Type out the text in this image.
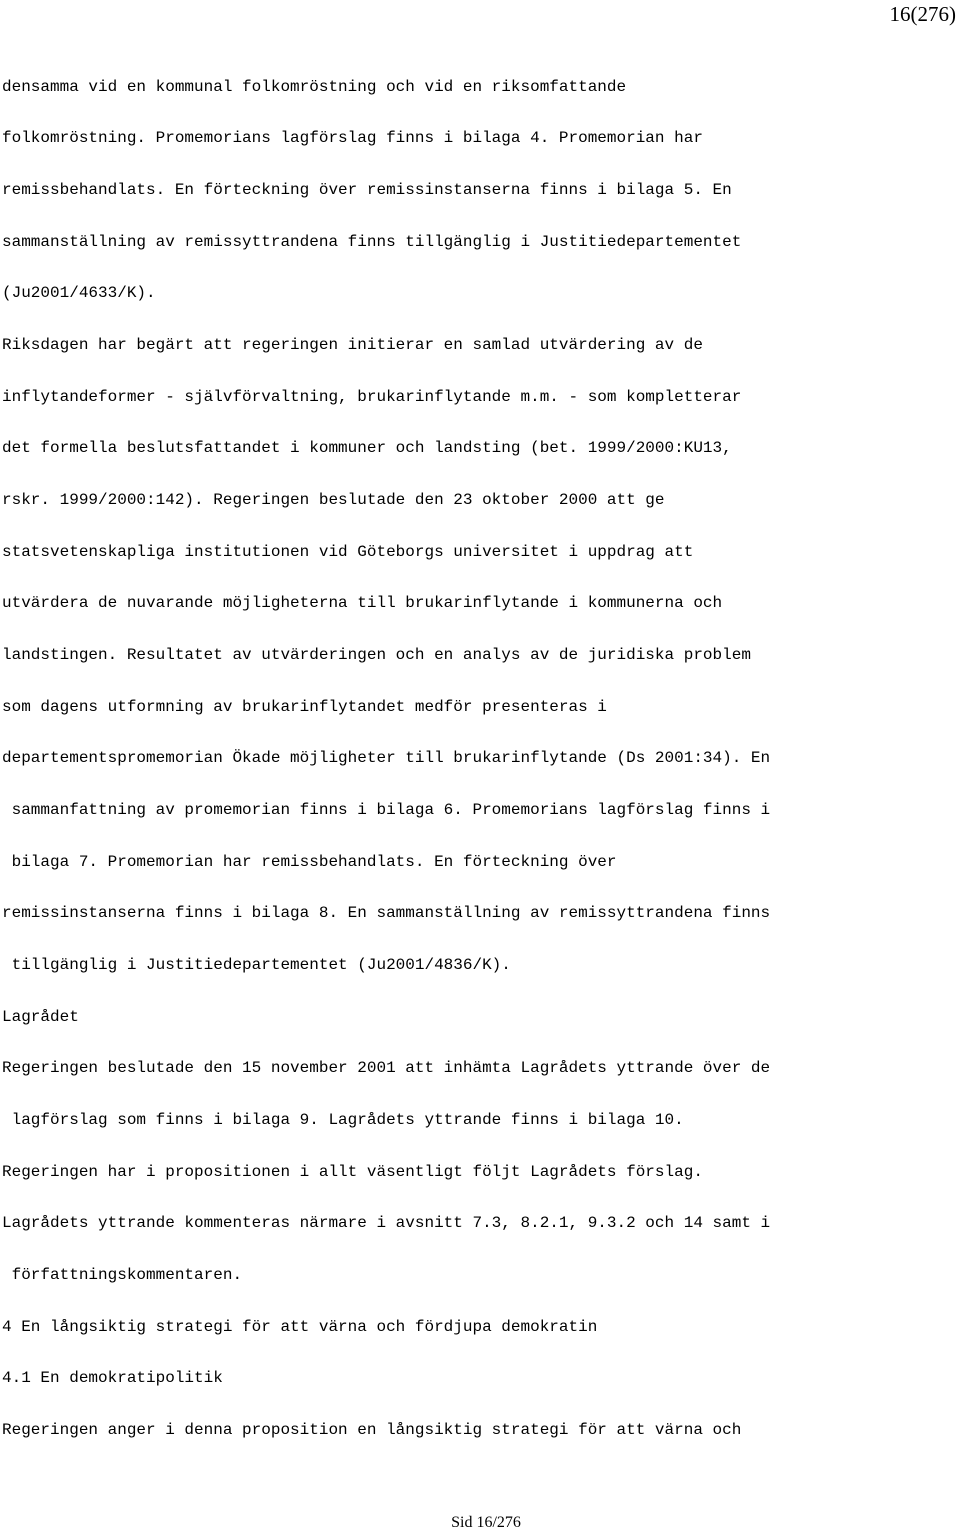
16(276)
densamma vid en kommunal folkomröstning och vid en riksomfattande
folkomröstning. Promemorians lagförslag finns i bilaga 4. Promemorian har
remissbehandlats. En förteckning över remissinstanserna finns i bilaga 5. En
sammanställning av remissyttrandena finns tillgänglig i Justitiedepartementet
(Ju2001/4633/K).
Riksdagen har begärt att regeringen initierar en samlad utvärdering av de
inflytandeformer - självförvaltning, brukarinflytande m.m. - som kompletterar
det formella beslutsfattandet i kommuner och landsting (bet. 1999/2000:KU13,
rskr. 1999/2000:142). Regeringen beslutade den 23 oktober 2000 att ge
statsvetenskapliga institutionen vid Göteborgs universitet i uppdrag att
utvärdera de nuvarande möjligheterna till brukarinflytande i kommunerna och
landstingen. Resultatet av utvärderingen och en analys av de juridiska problem
som dagens utformning av brukarinflytandet medför presenteras i
departementspromemorian Ökade möjligheter till brukarinflytande (Ds 2001:34). En
sammanfattning av promemorian finns i bilaga 6. Promemorians lagförslag finns i
bilaga 7. Promemorian har remissbehandlats. En förteckning över
remissinstanserna finns i bilaga 8. En sammanställning av remissyttrandena finns
tillgänglig i Justitiedepartementet (Ju2001/4836/K).
Lagrådet
Regeringen beslutade den 15 november 2001 att inhämta Lagrådets yttrande över de
lagförslag som finns i bilaga 9. Lagrådets yttrande finns i bilaga 10.
Regeringen har i propositionen i allt väsentligt följt Lagrådets förslag.
Lagrådets yttrande kommenteras närmare i avsnitt 7.3, 8.2.1, 9.3.2 och 14 samt i
författningskommentaren.
4 En långsiktig strategi för att värna och fördjupa demokratin
4.1 En demokratipolitik
Regeringen anger i denna proposition en långsiktig strategi för att värna och
Sid 16/276
